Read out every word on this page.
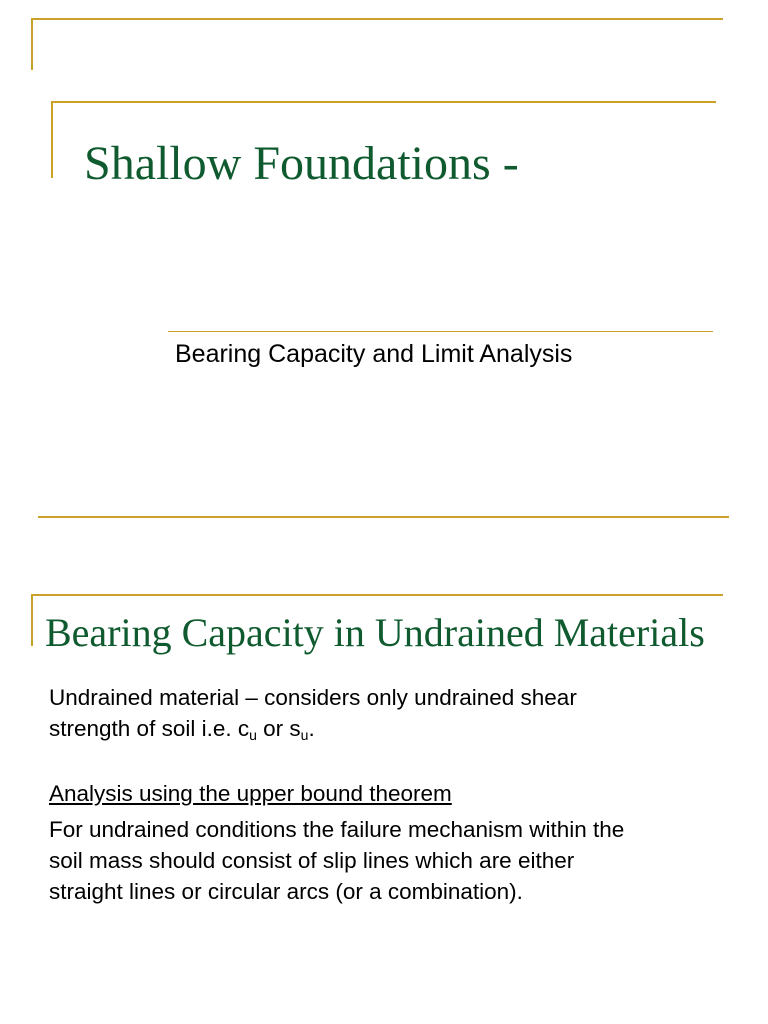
Shallow Foundations -

Bearing Capacity and Limit Analysis

Bearing Capacity in Undrained Materials

Undrained material – considers only undrained shear
strength of soil i.e. $c_u$ or $s_u$.

Analysis using the upper bound theorem

For undrained conditions the failure mechanism within the
soil mass should consist of slip lines which are either
straight lines or circular arcs (or a combination).
